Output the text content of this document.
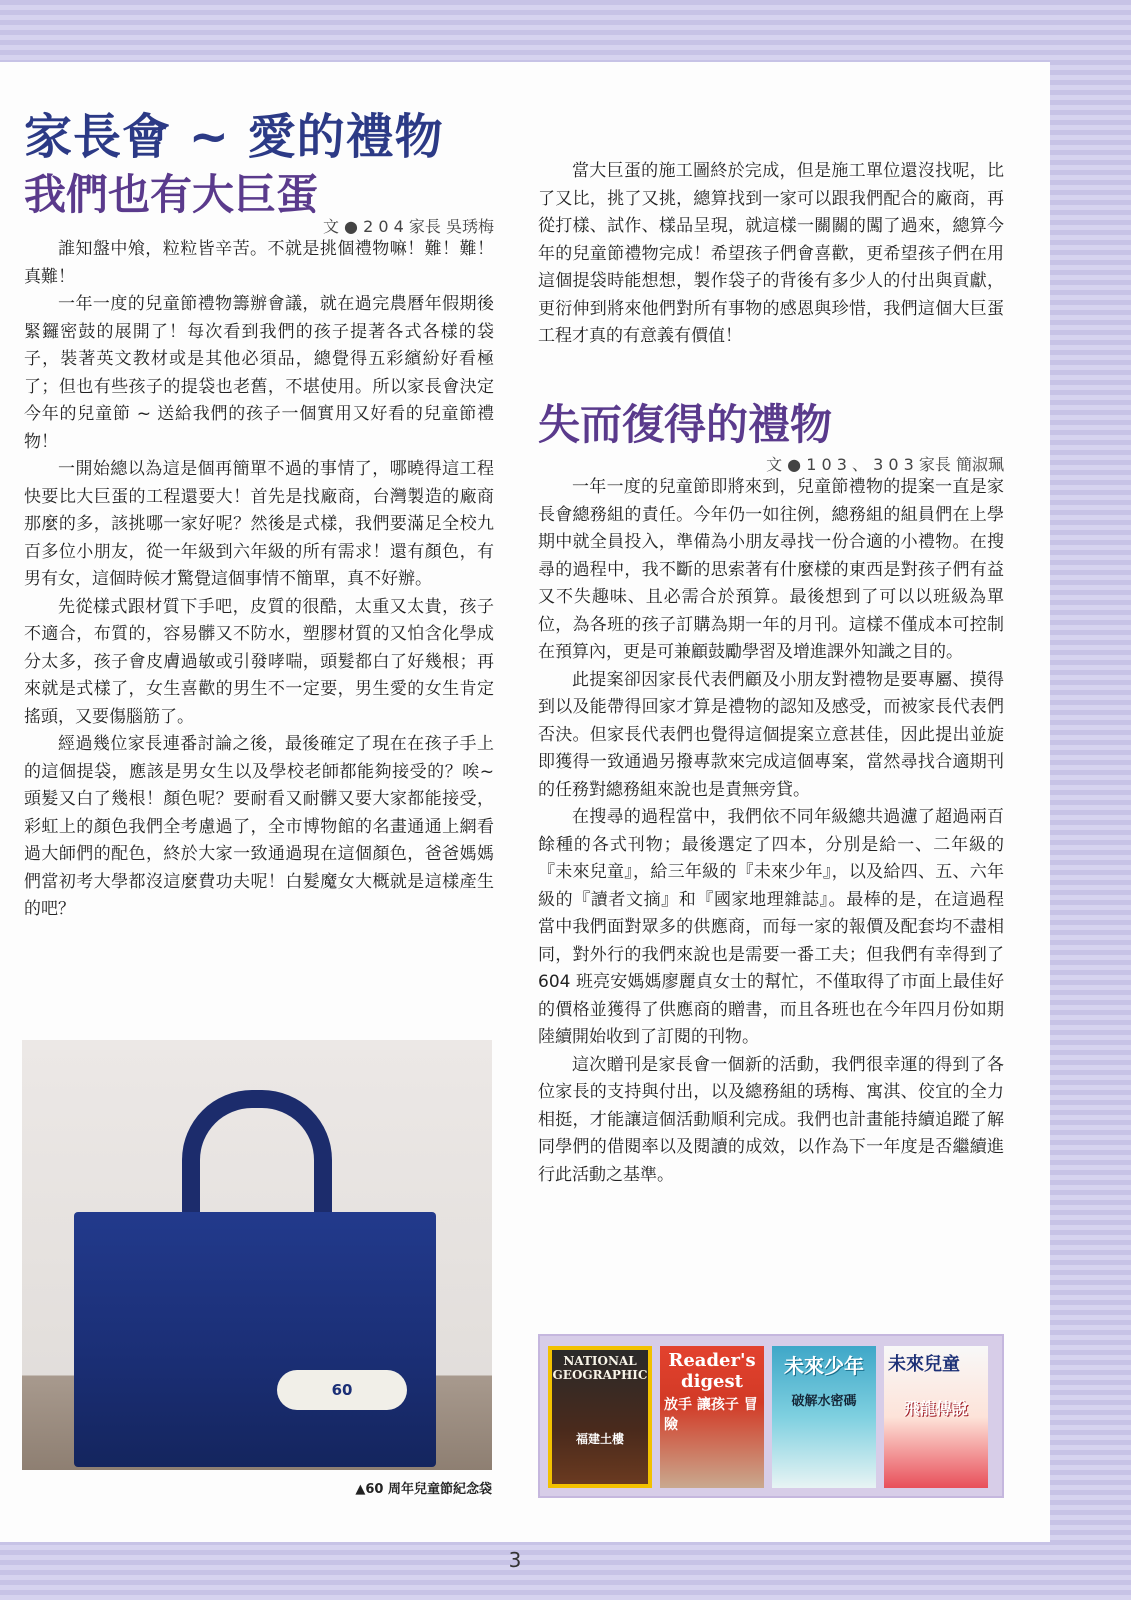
家長會 ~ 愛的禮物
我們也有大巨蛋

文 ● 2 0 4 家長 吳琇梅

誰知盤中飧，粒粒皆辛苦。不就是挑個禮物嘛！難！難！真難！

一年一度的兒童節禮物籌辦會議，就在過完農曆年假期後緊鑼密鼓的展開了！每次看到我們的孩子提著各式各樣的袋子，裝著英文教材或是其他必須品，總覺得五彩繽紛好看極了；但也有些孩子的提袋也老舊，不堪使用。所以家長會決定今年的兒童節 ~ 送給我們的孩子一個實用又好看的兒童節禮物！

一開始總以為這是個再簡單不過的事情了，哪曉得這工程快要比大巨蛋的工程還要大！首先是找廠商，台灣製造的廠商那麼的多，該挑哪一家好呢？然後是式樣，我們要滿足全校九百多位小朋友，從一年級到六年級的所有需求！還有顏色，有男有女，這個時候才驚覺這個事情不簡單，真不好辦。

先從樣式跟材質下手吧，皮質的很酷，太重又太貴，孩子不適合，布質的，容易髒又不防水，塑膠材質的又怕含化學成分太多，孩子會皮膚過敏或引發哮喘，頭髮都白了好幾根；再來就是式樣了，女生喜歡的男生不一定要，男生愛的女生肯定搖頭，又要傷腦筋了。

經過幾位家長連番討論之後，最後確定了現在在孩子手上的這個提袋，應該是男女生以及學校老師都能夠接受的？唉~ 頭髮又白了幾根！顏色呢？要耐看又耐髒又要大家都能接受，彩虹上的顏色我們全考慮過了，全市博物館的名畫通通上網看過大師們的配色，終於大家一致通過現在這個顏色，爸爸媽媽們當初考大學都沒這麼費功夫呢！白髮魔女大概就是這樣產生的吧？

60

▲60 周年兒童節紀念袋

當大巨蛋的施工圖終於完成，但是施工單位還沒找呢，比了又比，挑了又挑，總算找到一家可以跟我們配合的廠商，再從打樣、試作、樣品呈現，就這樣一關關的闖了過來，總算今年的兒童節禮物完成！希望孩子們會喜歡，更希望孩子們在用這個提袋時能想想，製作袋子的背後有多少人的付出與貢獻，更衍伸到將來他們對所有事物的感恩與珍惜，我們這個大巨蛋工程才真的有意義有價值！

失而復得的禮物

文 ● 1 0 3 、 3 0 3 家長 簡淑珮

一年一度的兒童節即將來到，兒童節禮物的提案一直是家長會總務組的責任。今年仍一如往例，總務組的組員們在上學期中就全員投入，準備為小朋友尋找一份合適的小禮物。在搜尋的過程中，我不斷的思索著有什麼樣的東西是對孩子們有益又不失趣味、且必需合於預算。最後想到了可以以班級為單位，為各班的孩子訂購為期一年的月刊。這樣不僅成本可控制在預算內，更是可兼顧鼓勵學習及增進課外知識之目的。

此提案卻因家長代表們顧及小朋友對禮物是要專屬、摸得到以及能帶得回家才算是禮物的認知及感受，而被家長代表們否決。但家長代表們也覺得這個提案立意甚佳，因此提出並旋即獲得一致通過另撥專款來完成這個專案，當然尋找合適期刊的任務對總務組來說也是責無旁貸。

在搜尋的過程當中，我們依不同年級總共過濾了超過兩百餘種的各式刊物；最後選定了四本，分別是給一、二年級的『未來兒童』，給三年級的『未來少年』，以及給四、五、六年級的『讀者文摘』和『國家地理雜誌』。最棒的是，在這過程當中我們面對眾多的供應商，而每一家的報價及配套均不盡相同，對外行的我們來說也是需要一番工夫；但我們有幸得到了 604 班亮安媽媽廖麗貞女士的幫忙，不僅取得了市面上最佳好的價格並獲得了供應商的贈書，而且各班也在今年四月份如期陸續開始收到了訂閱的刊物。

這次贈刊是家長會一個新的活動，我們很幸運的得到了各位家長的支持與付出，以及總務組的琇梅、寓淇、佼宜的全力相挺，才能讓這個活動順利完成。我們也計畫能持續追蹤了解同學們的借閱率以及閱讀的成效，以作為下一年度是否繼續進行此活動之基準。

NATIONAL GEOGRAPHIC
福建土樓
Reader's digest
放手 讓孩子 冒險
未來少年
破解水密碼
未來兒童
飛龍傳說
3
